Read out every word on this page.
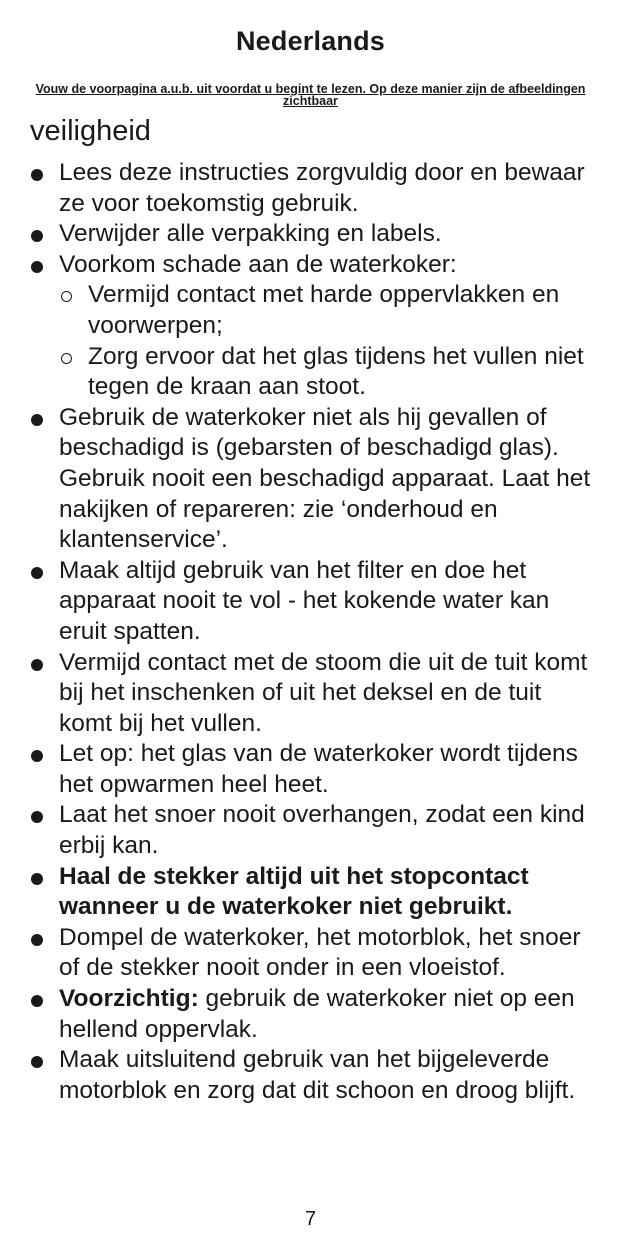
Nederlands
Vouw de voorpagina a.u.b. uit voordat u begint te lezen. Op deze manier zijn de afbeeldingen zichtbaar
veiligheid
Lees deze instructies zorgvuldig door en bewaar ze voor toekomstig gebruik.
Verwijder alle verpakking en labels.
Voorkom schade aan de waterkoker:
Vermijd contact met harde oppervlakken en voorwerpen;
Zorg ervoor dat het glas tijdens het vullen niet tegen de kraan aan stoot.
Gebruik de waterkoker niet als hij gevallen of beschadigd is (gebarsten of beschadigd glas). Gebruik nooit een beschadigd apparaat. Laat het nakijken of repareren: zie ‘onderhoud en klantenservice’.
Maak altijd gebruik van het filter en doe het apparaat nooit te vol - het kokende water kan eruit spatten.
Vermijd contact met de stoom die uit de tuit komt bij het inschenken of uit het deksel en de tuit komt bij het vullen.
Let op: het glas van de waterkoker wordt tijdens het opwarmen heel heet.
Laat het snoer nooit overhangen, zodat een kind erbij kan.
Haal de stekker altijd uit het stopcontact wanneer u de waterkoker niet gebruikt.
Dompel de waterkoker, het motorblok, het snoer of de stekker nooit onder in een vloeistof.
Voorzichtig: gebruik de waterkoker niet op een hellend oppervlak.
Maak uitsluitend gebruik van het bijgeleverde motorblok en zorg dat dit schoon en droog blijft.
7
